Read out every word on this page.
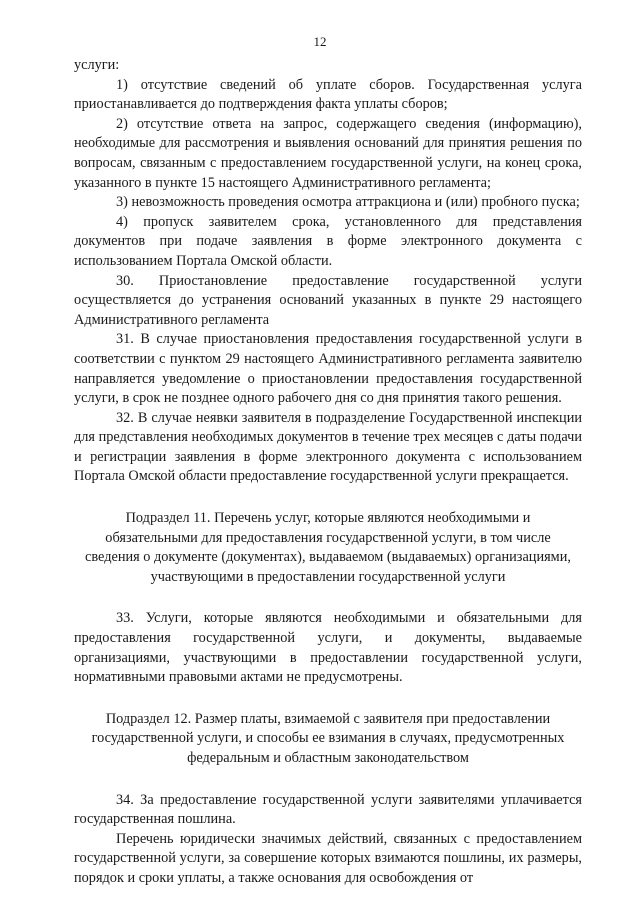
12

услуги:

1) отсутствие сведений об уплате сборов. Государственная услуга приостанавливается до подтверждения факта уплаты сборов;

2) отсутствие ответа на запрос, содержащего сведения (информацию), необходимые для рассмотрения и выявления оснований для принятия решения по вопросам, связанным с предоставлением государственной услуги, на конец срока, указанного в пункте 15 настоящего Административного регламента;

3) невозможность проведения осмотра аттракциона и (или) пробного пуска;

4) пропуск заявителем срока, установленного для представления документов при подаче заявления в форме электронного документа с использованием Портала Омской области.

30. Приостановление предоставление государственной услуги осуществляется до устранения оснований указанных в пункте 29 настоящего Административного регламента

31. В случае приостановления предоставления государственной услуги в соответствии с пунктом 29 настоящего Административного регламента заявителю направляется уведомление о приостановлении предоставления государственной услуги, в срок не позднее одного рабочего дня со дня принятия такого решения.

32. В случае неявки заявителя в подразделение Государственной инспекции для представления необходимых документов в течение трех месяцев с даты подачи и регистрации заявления в форме электронного документа с использованием Портала Омской области предоставление государственной услуги прекращается.

Подраздел 11. Перечень услуг, которые являются необходимыми и обязательными для предоставления государственной услуги, в том числе сведения о документе (документах), выдаваемом (выдаваемых) организациями, участвующими в предоставлении государственной услуги

33. Услуги, которые являются необходимыми и обязательными для предоставления государственной услуги, и документы, выдаваемые организациями, участвующими в предоставлении государственной услуги, нормативными правовыми актами не предусмотрены.

Подраздел 12. Размер платы, взимаемой с заявителя при предоставлении государственной услуги, и способы ее взимания в случаях, предусмотренных федеральным и областным законодательством

34. За предоставление государственной услуги заявителями уплачивается государственная пошлина.

Перечень юридически значимых действий, связанных с предоставлением государственной услуги, за совершение которых взимаются пошлины, их размеры, порядок и сроки уплаты, а также основания для освобождения от
